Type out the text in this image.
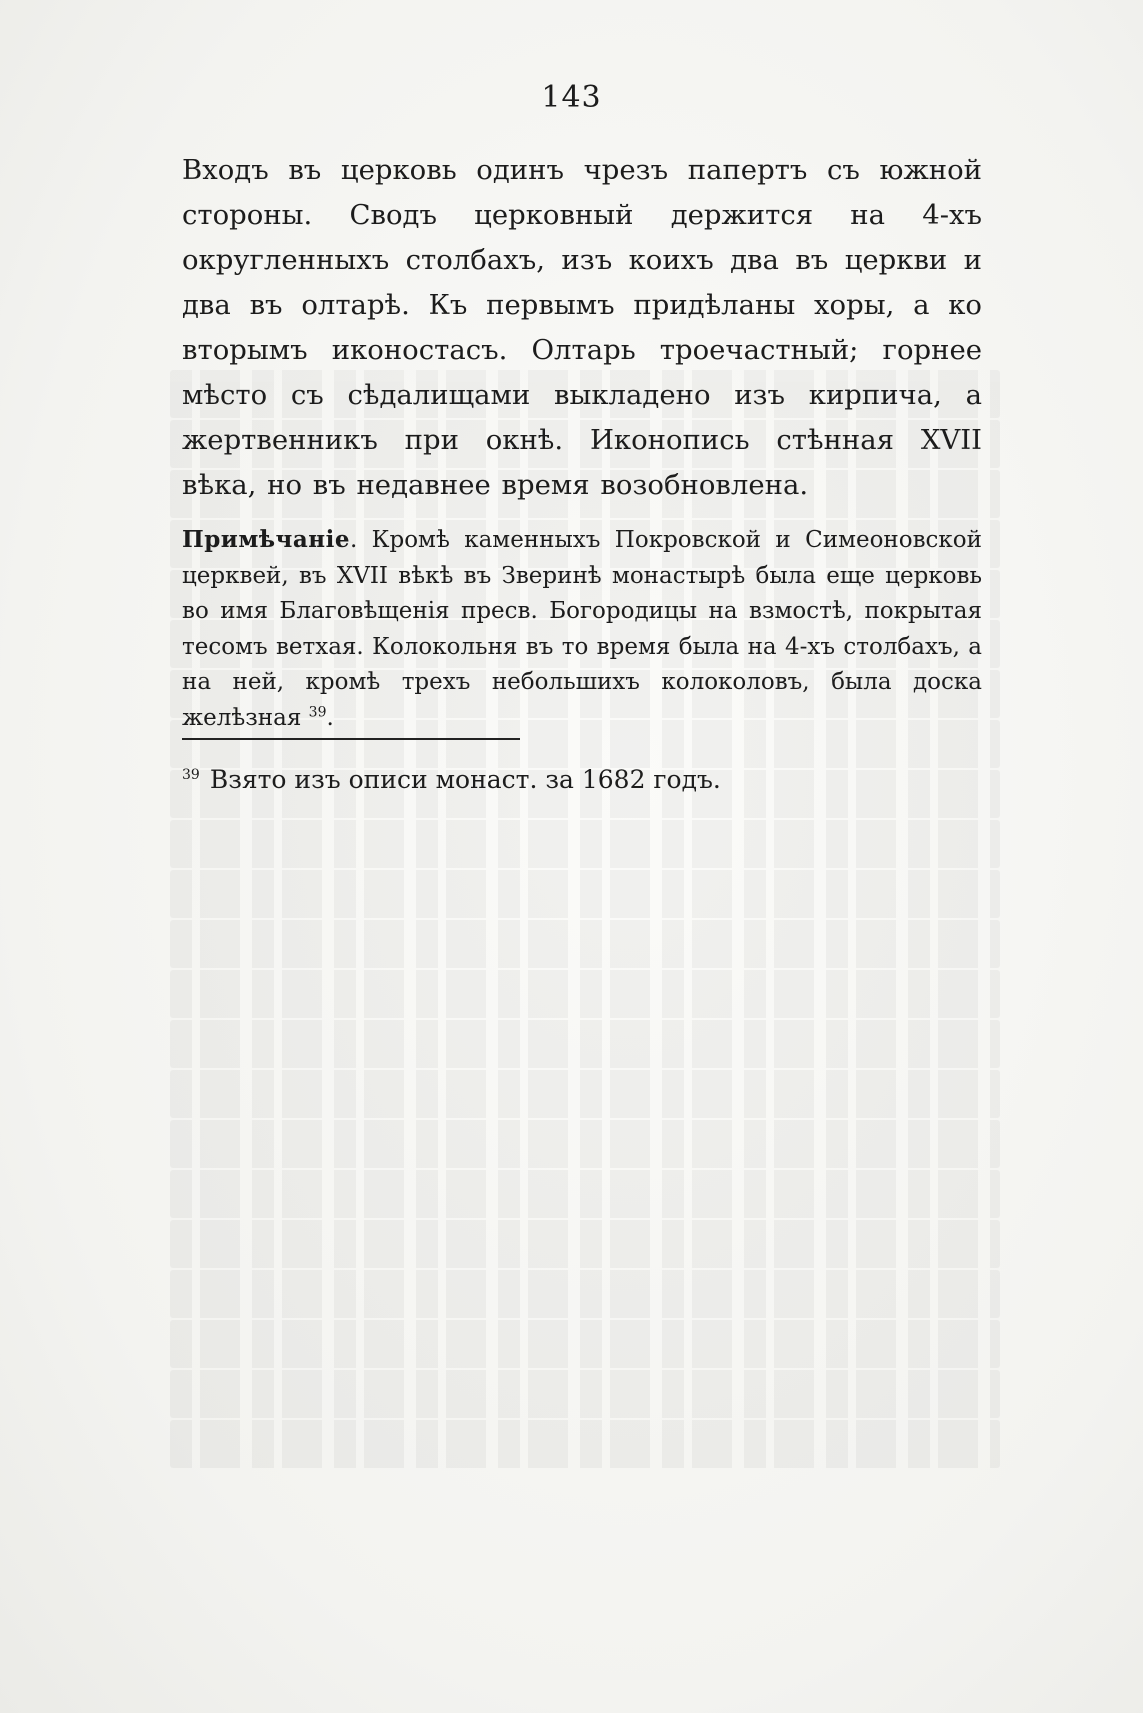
143

Входъ въ церковь одинъ чрезъ папертъ съ южной стороны. Сводъ церковный держится на 4-хъ округленныхъ столбахъ, изъ коихъ два въ церкви и два въ олтарѣ. Къ первымъ придѣланы хоры, а ко вторымъ иконостасъ. Олтарь троечастный; горнее мѣсто съ сѣдалищами выкладено изъ кирпича, а жертвенникъ при окнѣ. Иконопись стѣнная XVII вѣка, но въ недавнее время возобновлена.

Примѣчаніе. Кромѣ каменныхъ Покровской и Симеоновской церквей, въ XVII вѣкѣ въ Зверинѣ монастырѣ была еще церковь во имя Благовѣщенія пресв. Богородицы на взмостѣ, покрытая тесомъ ветхая. Колокольня въ то время была на 4-хъ столбахъ, а на ней, кромѣ трехъ небольшихъ колоколовъ, была доска желѣзная $^{39}$.

$^{39}$ Взято изъ описи монаст. за 1682 годъ.
